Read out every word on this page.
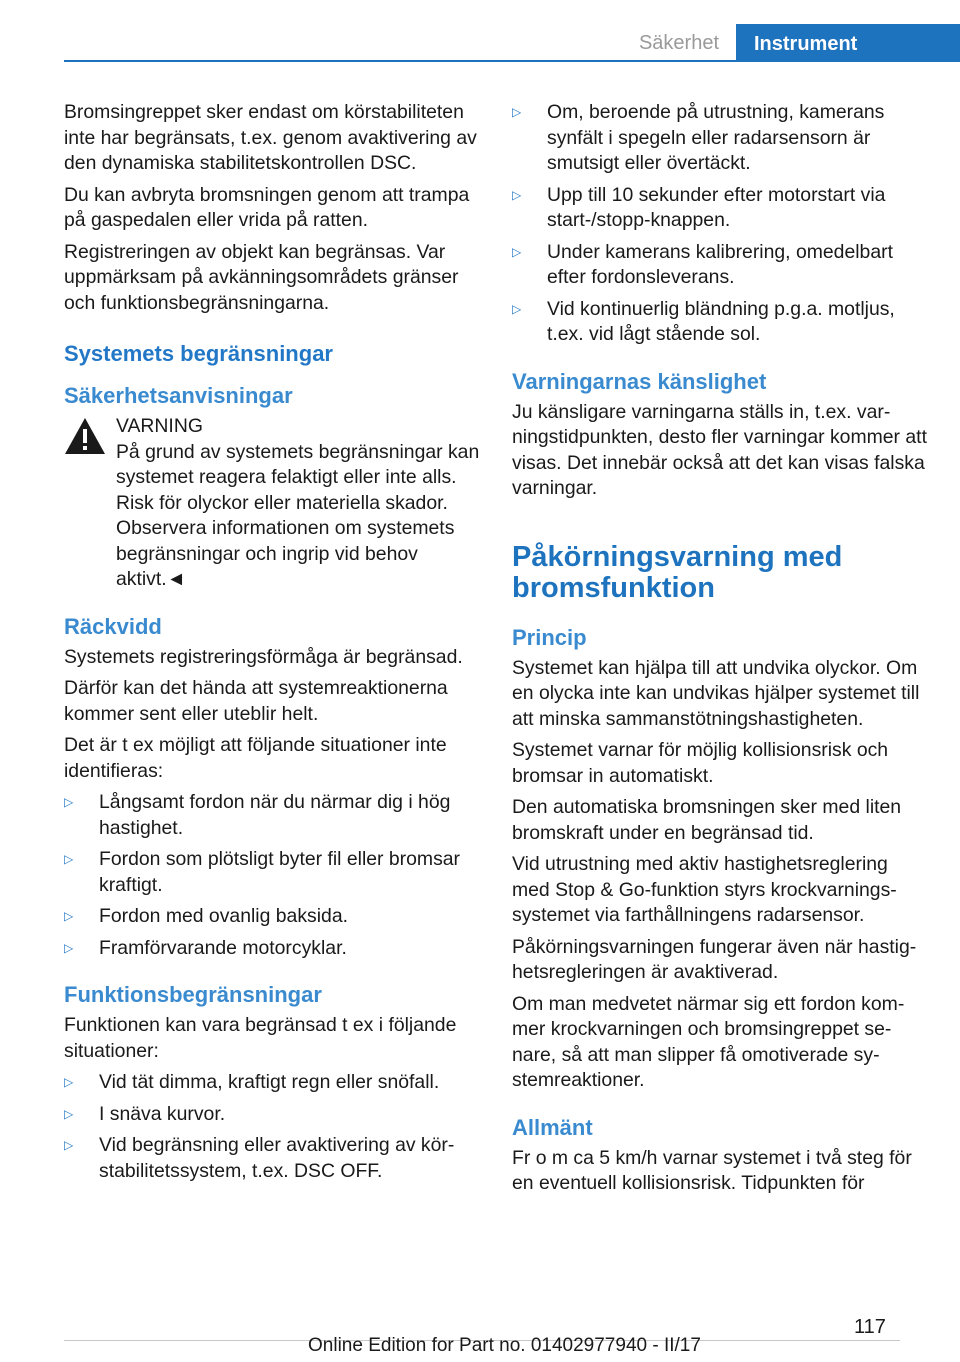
Säkerhet	Instrument

Bromsingreppet sker endast om körstabiliteten inte har begränsats, t.ex. genom avaktivering av den dynamiska stabilitetskontrollen DSC.

Du kan avbryta bromsningen genom att trampa på gaspedalen eller vrida på ratten.

Registreringen av objekt kan begränsas. Var uppmärksam på avkänningsområdets gränser och funktionsbegränsningarna.

Systemets begränsningar
Säkerhetsanvisningar
VARNING
På grund av systemets begränsningar kan systemet reagera felaktigt eller inte alls. Risk för olyckor eller materiella skador. Observera informationen om systemets begränsningar och ingrip vid behov aktivt.◄
Räckvidd

Systemets registreringsförmåga är begränsad.

Därför kan det hända att systemreaktionerna kommer sent eller uteblir helt.

Det är t ex möjligt att följande situationer inte identifieras:

▷ Långsamt fordon när du närmar dig i hög hastighet.
▷ Fordon som plötsligt byter fil eller bromsar kraftigt.
▷ Fordon med ovanlig baksida.
▷ Framförvarande motorcyklar.
Funktionsbegränsningar

Funktionen kan vara begränsad t ex i följande situationer:

▷ Vid tät dimma, kraftigt regn eller snöfall.
▷ I snäva kurvor.
▷ Vid begränsning eller avaktivering av körstabilitetssystem, t.ex. DSC OFF.
▷ Om, beroende på utrustning, kamerans synfält i spegeln eller radarsensorn är smutsigt eller övertäckt.
▷ Upp till 10 sekunder efter motorstart via start-/stopp-knappen.
▷ Under kamerans kalibrering, omedelbart efter fordonsleverans.
▷ Vid kontinuerlig bländning p.g.a. motljus, t.ex. vid lågt stående sol.
Varningarnas känslighet

Ju känsligare varningarna ställs in, t.ex. varningstidpunkten, desto fler varningar kommer att visas. Det innebär också att det kan visas falska varningar.

Påkörningsvarning med bromsfunktion
Princip

Systemet kan hjälpa till att undvika olyckor. Om en olycka inte kan undvikas hjälper systemet till att minska sammanstötningshastigheten.

Systemet varnar för möjlig kollisionsrisk och bromsar in automatiskt.

Den automatiska bromsningen sker med liten bromskraft under en begränsad tid.

Vid utrustning med aktiv hastighetsreglering med Stop & Go-funktion styrs krockvarningssystemet via farthållningens radarsensor.

Påkörningsvarningen fungerar även när hastighetsregleringen är avaktiverad.

Om man medvetet närmar sig ett fordon kommer krockvarningen och bromsingreppet senare, så att man slipper få omotiverade systemreaktioner.

Allmänt

Fr o m ca 5 km/h varnar systemet i två steg för en eventuell kollisionsrisk. Tidpunkten för

117
Online Edition for Part no. 01402977940 - II/17
